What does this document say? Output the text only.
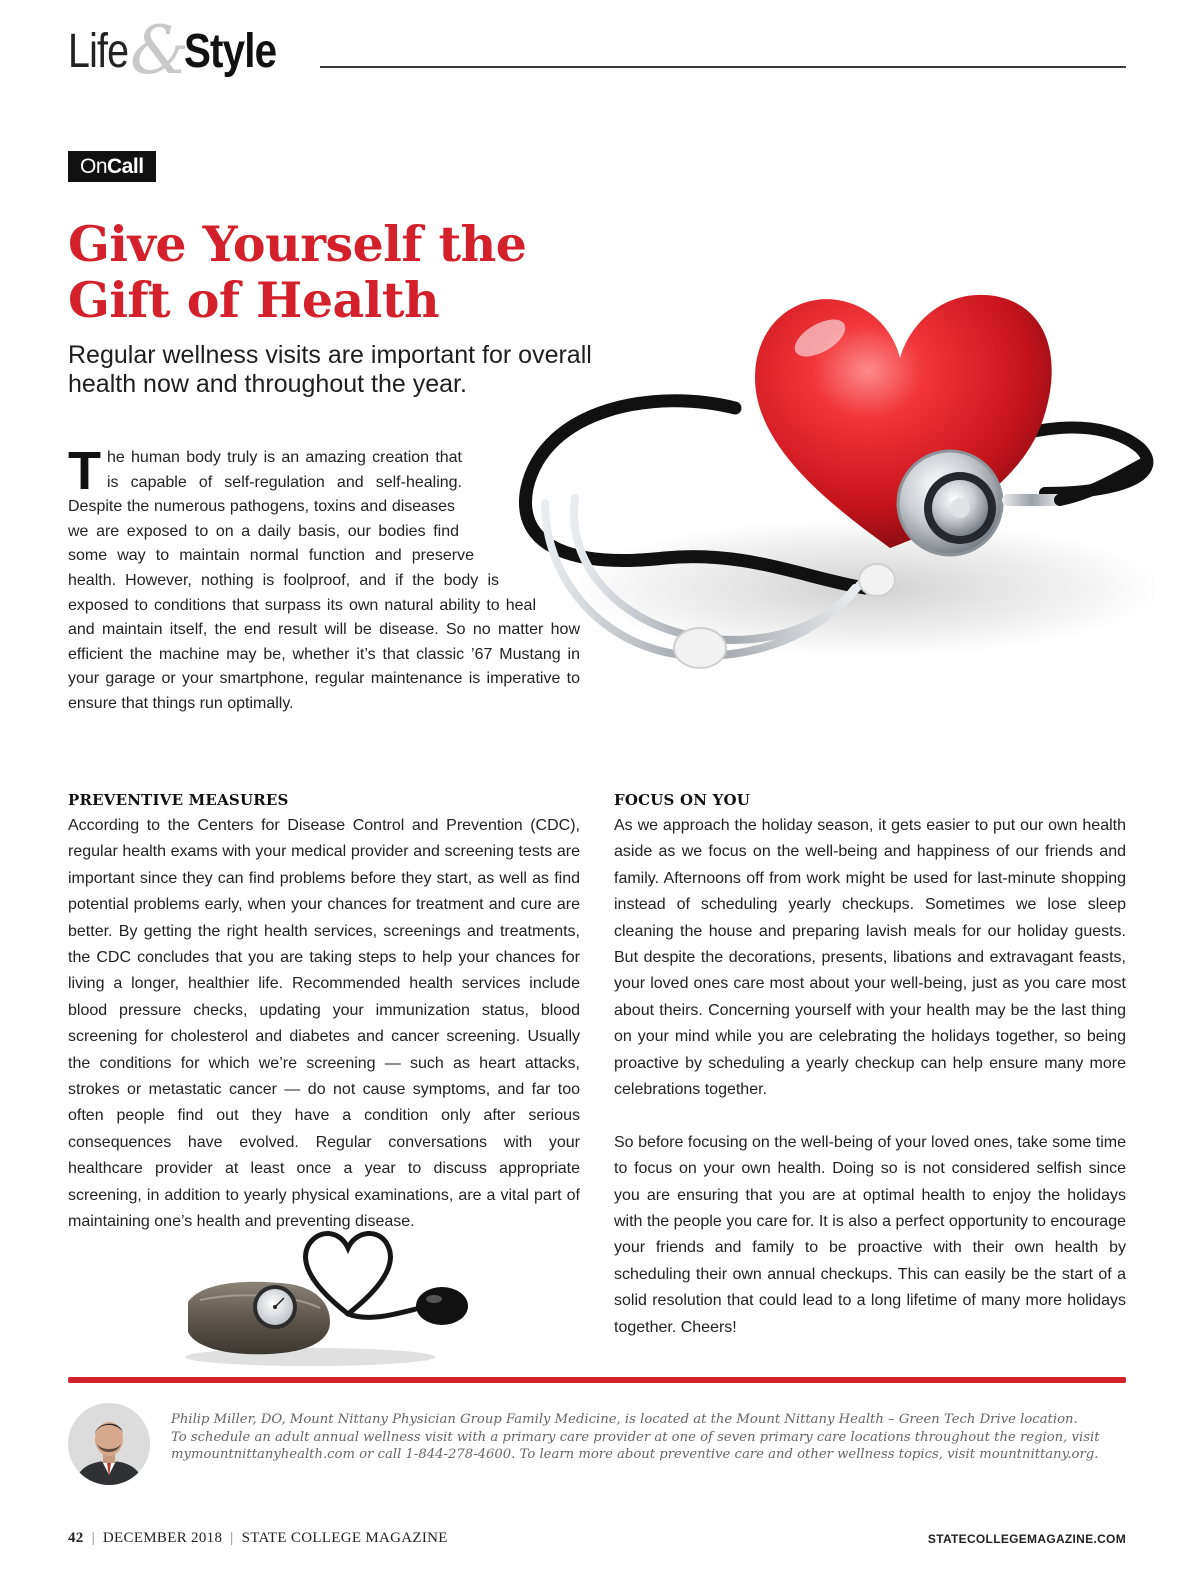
Life &
Style
OnCall
Give Yourself the
Gift of Health

Regular wellness visits are important for overall
health now and throughout the year.

T he human body truly is an amazing creation that
is capable of self-regulation and self-healing.
Despite the numerous pathogens, toxins and diseases
we are exposed to on a daily basis, our bodies find
some way to maintain normal function and preserve
health. However, nothing is foolproof, and if the body is
exposed to conditions that surpass its own natural ability to heal
and maintain itself, the end result will be disease. So no matter how
efficient the machine may be, whether it’s that classic ’67 Mustang in
your garage or your smartphone, regular maintenance is imperative to
ensure that things run optimally.

PREVENTIVE MEASURES

According to the Centers for Disease Control and Prevention (CDC), regular health exams with your medical provider and screening tests are important since they can find problems before they start, as well as find potential problems early, when your chances for treatment and cure are better. By getting the right health services, screenings and treatments, the CDC concludes that you are taking steps to help your chances for living a longer, healthier life. Recommended health services include blood pressure checks, updating your immunization status, blood screening for cholesterol and diabetes and cancer screening. Usually the conditions for which we’re screening — such as heart attacks, strokes or metastatic cancer — do not cause symptoms, and far too often people find out they have a condition only after serious consequences have evolved. Regular conversations with your healthcare provider at least once a year to discuss appropriate screening, in addition to yearly physical examinations, are a vital part of maintaining one’s health and preventing disease.

FOCUS ON YOU

As we approach the holiday season, it gets easier to put our own health aside as we focus on the well-being and happiness of our friends and family. Afternoons off from work might be used for last-minute shopping instead of scheduling yearly checkups. Sometimes we lose sleep cleaning the house and preparing lavish meals for our holiday guests. But despite the decorations, presents, libations and extravagant feasts, your loved ones care most about your well-being, just as you care most about theirs. Concerning yourself with your health may be the last thing on your mind while you are celebrating the holidays together, so being proactive by scheduling a yearly checkup can help ensure many more celebrations together.

So before focusing on the well-being of your loved ones, take some time to focus on your own health. Doing so is not considered selfish since you are ensuring that you are at optimal health to enjoy the holidays with the people you care for. It is also a perfect opportunity to encourage your friends and family to be proactive with their own health by scheduling their own annual checkups. This can easily be the start of a solid resolution that could lead to a long lifetime of many more holidays together. Cheers!

Philip Miller, DO, Mount Nittany Physician Group Family Medicine, is located at the Mount Nittany Health – Green Tech Drive location.
To schedule an adult annual wellness visit with a primary care provider at one of seven primary care locations throughout the region, visit
mymountnittanyhealth.com or call 1-844-278-4600. To learn more about preventive care and other wellness topics, visit mountnittany.org.

42 | DECEMBER 2018 | STATE COLLEGE MAGAZINE	STATECOLLEGEMAGAZINE.COM
